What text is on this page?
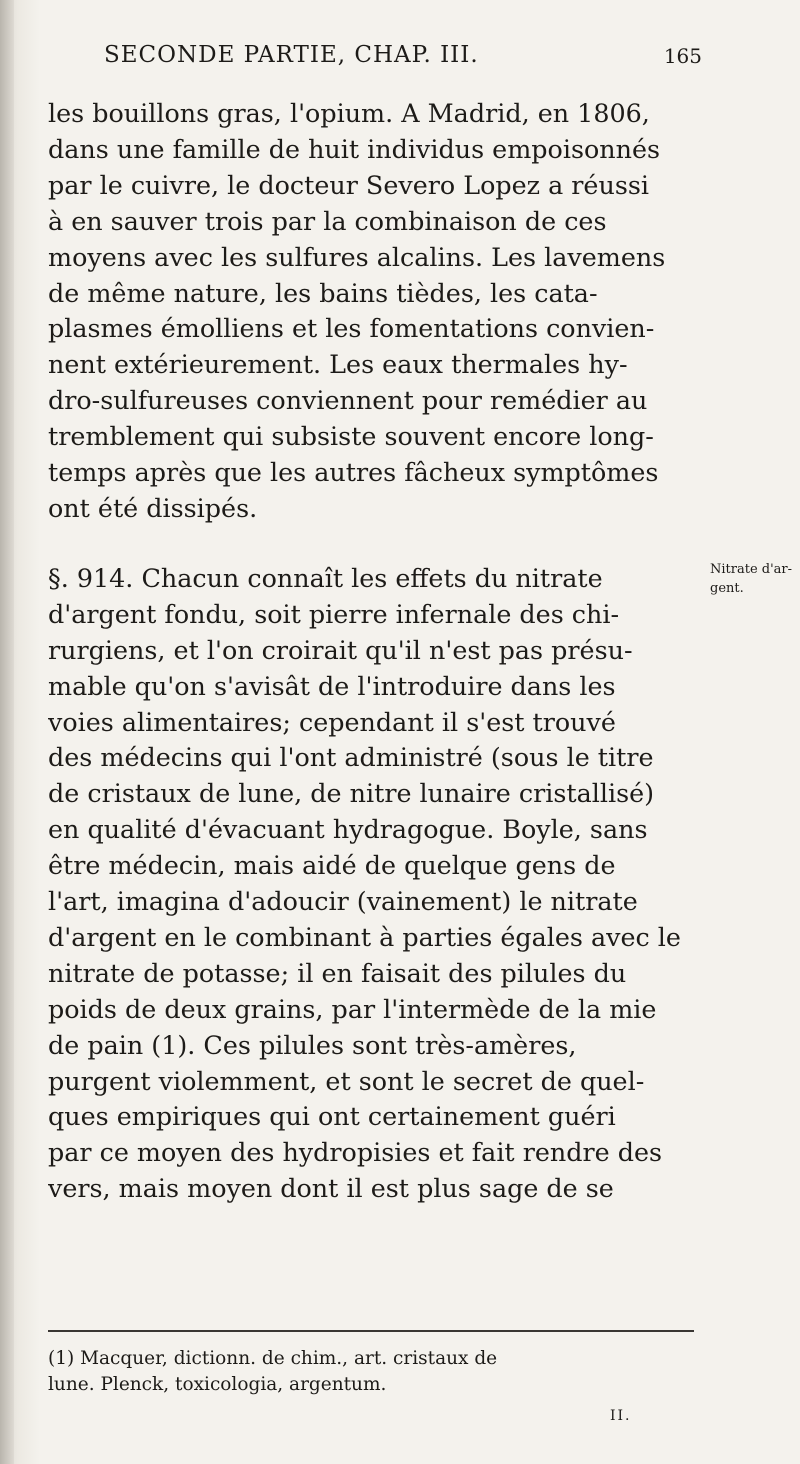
SECONDE PARTIE, CHAP. III.	165
les bouillons gras, l'opium. A Madrid, en 1806,
dans une famille de huit individus empoisonnés
par le cuivre, le docteur Severo Lopez a réussi
à en sauver trois par la combinaison de ces
moyens avec les sulfures alcalins. Les lavemens
de même nature, les bains tièdes, les cata-
plasmes émolliens et les fomentations convien-
nent extérieurement. Les eaux thermales hy-
dro-sulfureuses conviennent pour remédier au
tremblement qui subsiste souvent encore long-
temps après que les autres fâcheux symptômes
ont été dissipés.
§. 914. Chacun connaît les effets du nitrate
d'argent fondu, soit pierre infernale des chi-
rurgiens, et l'on croirait qu'il n'est pas présu-
mable qu'on s'avisât de l'introduire dans les
voies alimentaires; cependant il s'est trouvé
des médecins qui l'ont administré (sous le titre
de cristaux de lune, de nitre lunaire cristallisé)
en qualité d'évacuant hydragogue. Boyle, sans
être médecin, mais aidé de quelque gens de
l'art, imagina d'adoucir (vainement) le nitrate
d'argent en le combinant à parties égales avec le
nitrate de potasse; il en faisait des pilules du
poids de deux grains, par l'intermède de la mie
de pain (1). Ces pilules sont très-amères,
purgent violemment, et sont le secret de quel-
ques empiriques qui ont certainement guéri
par ce moyen des hydropisies et fait rendre des
vers, mais moyen dont il est plus sage de se
Nitrate d'ar-
gent.
(1) Macquer, dictionn. de chim., art. cristaux de
lune. Plenck, toxicologia, argentum.
II.
